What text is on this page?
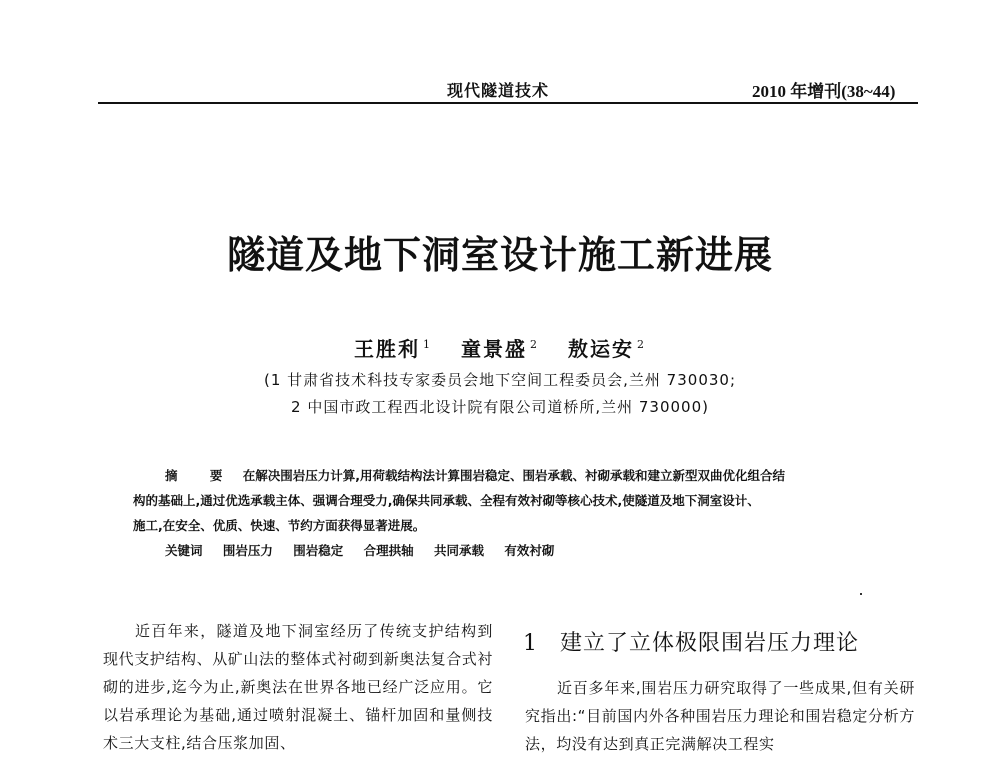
现代隧道技术	2010 年增刊(38~44)
隧道及地下洞室设计施工新进展
王胜利 $^1$ 童景盛 $^2$ 敖运安 $^2$
(1 甘肃省技术科技专家委员会地下空间工程委员会,兰州 730030;
2 中国市政工程西北设计院有限公司道桥所,兰州 730000)
摘 要 在解决围岩压力计算,用荷载结构法计算围岩稳定、围岩承载、衬砌承载和建立新型双曲优化组合结
构的基础上,通过优选承载主体、强调合理受力,确保共同承载、全程有效衬砌等核心技术,使隧道及地下洞室设计、
施工,在安全、优质、快速、节约方面获得显著进展。
关键词 围岩压力 围岩稳定 合理拱轴 共同承载 有效衬砌

近百年来，隧道及地下洞室经历了传统支护结构到现代支护结构、从矿山法的整体式衬砌到新奥法复合式衬砌的进步,迄今为止,新奥法在世界各地已经广泛应用。它以岩承理论为基础,通过喷射混凝土、锚杆加固和量侧技术三大支柱,结合压浆加固、

1 建立了立体极限围岩压力理论

近百多年来,围岩压力研究取得了一些成果,但有关研究指出:“目前国内外各种围岩压力理论和围岩稳定分析方法，均没有达到真正完满解决工程实
